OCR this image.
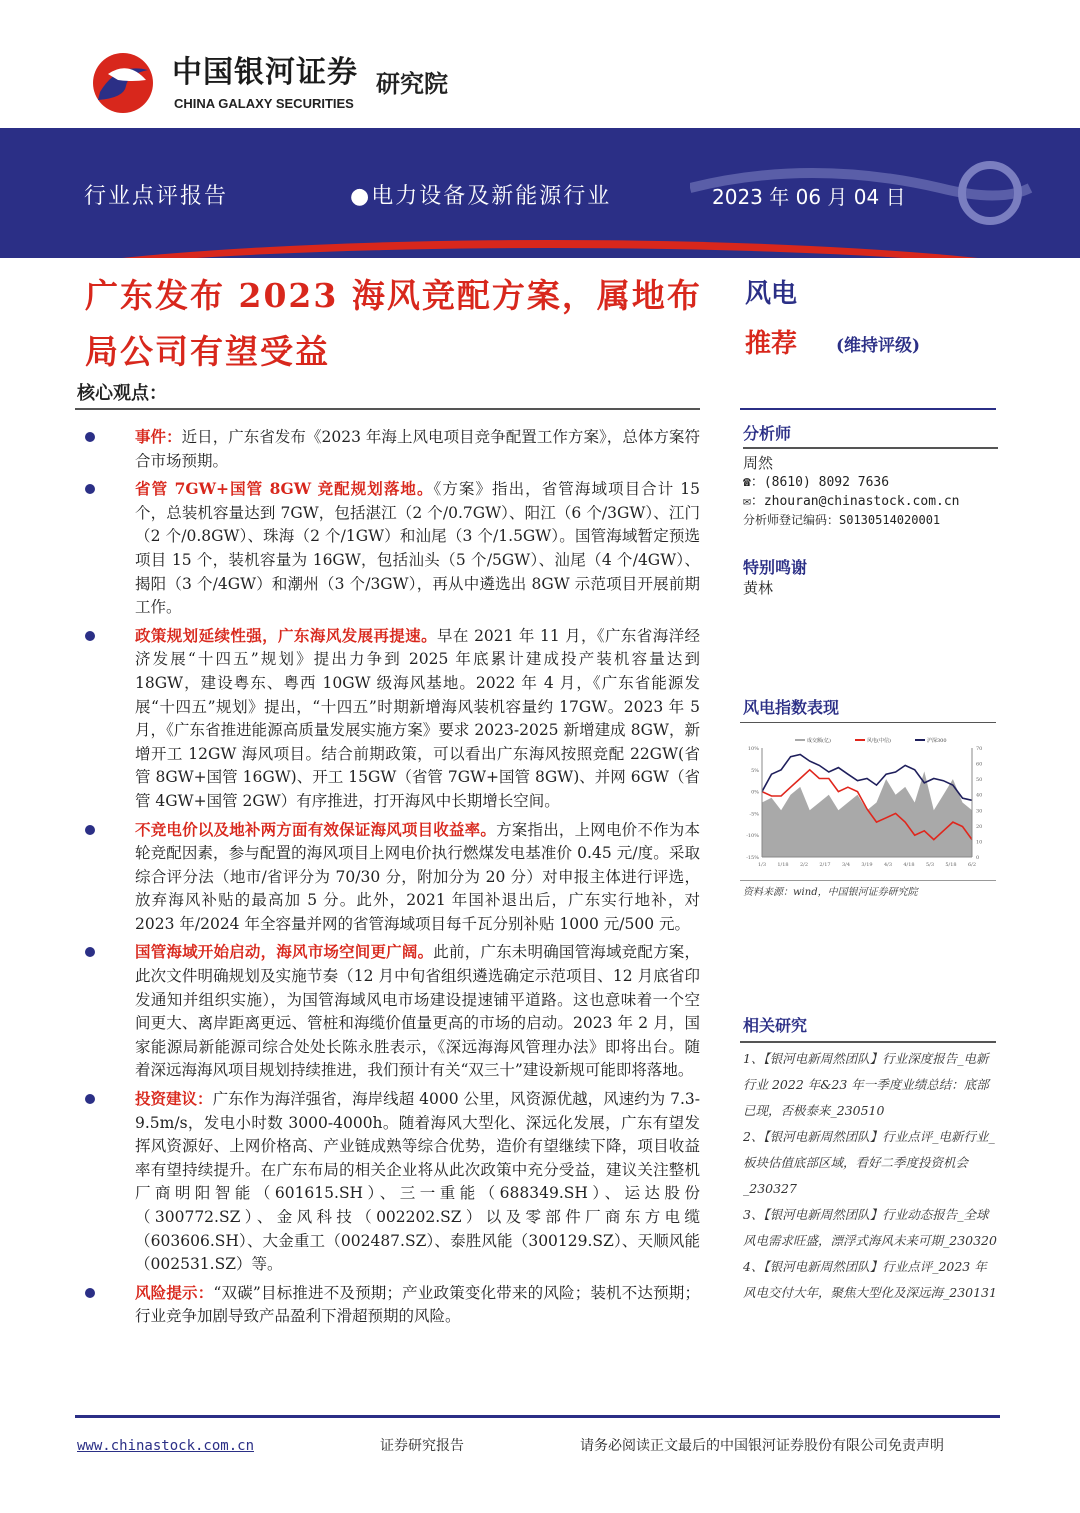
中国银河证券
CHINA GALAXY SECURITIES
研究院
行业点评报告	●电力设备及新能源行业	2023 年 06 月 04 日
广东发布 2023 海风竞配方案，属地布局公司有望受益
风电
推荐 (维持评级)
核心观点：
事件：近日，广东省发布《2023 年海上风电项目竞争配置工作方案》，总体方案符合市场预期。
省管 7GW+国管 8GW 竞配规划落地。《方案》指出，省管海域项目合计 15 个，总装机容量达到 7GW，包括湛江（2 个/0.7GW）、阳江（6 个/3GW）、江门（2 个/0.8GW）、珠海（2 个/1GW）和汕尾（3 个/1.5GW）。国管海域暂定预选项目 15 个，装机容量为 16GW，包括汕头（5 个/5GW）、汕尾（4 个/4GW）、揭阳（3 个/4GW）和潮州（3 个/3GW），再从中遴选出 8GW 示范项目开展前期工作。
政策规划延续性强，广东海风发展再提速。早在 2021 年 11 月，《广东省海洋经济发展“十四五”规划》提出力争到 2025 年底累计建成投产装机容量达到 18GW，建设粤东、粤西 10GW 级海风基地。2022 年 4 月，《广东省能源发展“十四五”规划》提出，“十四五”时期新增海风装机容量约 17GW。2023 年 5 月，《广东省推进能源高质量发展实施方案》要求 2023-2025 新增建成 8GW，新增开工 12GW 海风项目。结合前期政策，可以看出广东海风按照竞配 22GW(省管 8GW+国管 16GW)、开工 15GW（省管 7GW+国管 8GW)、并网 6GW（省管 4GW+国管 2GW）有序推进，打开海风中长期增长空间。
不竞电价以及地补两方面有效保证海风项目收益率。方案指出，上网电价不作为本轮竞配因素，参与配置的海风项目上网电价执行燃煤发电基准价 0.45 元/度。采取综合评分法（地市/省评分为 70/30 分，附加分为 20 分）对申报主体进行评选，放弃海风补贴的最高加 5 分。此外，2021 年国补退出后，广东实行地补，对 2023 年/2024 年全容量并网的省管海域项目每千瓦分别补贴 1000 元/500 元。
国管海域开始启动，海风市场空间更广阔。此前，广东未明确国管海域竞配方案，此次文件明确规划及实施节奏（12 月中旬省组织遴选确定示范项目、12 月底省印发通知并组织实施），为国管海域风电市场建设提速铺平道路。这也意味着一个空间更大、离岸距离更远、管桩和海缆价值量更高的市场的启动。2023 年 2 月，国家能源局新能源司综合处处长陈永胜表示，《深远海海风管理办法》即将出台。随着深远海海风项目规划持续推进，我们预计有关“双三十”建设新规可能即将落地。
投资建议：广东作为海洋强省，海岸线超 4000 公里，风资源优越，风速约为 7.3-9.5m/s，发电小时数 3000-4000h。随着海风大型化、深远化发展，广东有望发挥风资源好、上网价格高、产业链成熟等综合优势，造价有望继续下降，项目收益率有望持续提升。在广东布局的相关企业将从此次政策中充分受益，建议关注整机厂商明阳智能（601615.SH）、三一重能（688349.SH）、运达股份（300772.SZ）、金风科技（002202.SZ）以及零部件厂商东方电缆（603606.SH）、大金重工（002487.SZ）、泰胜风能（300129.SZ）、天顺风能（002531.SZ）等。
风险提示：“双碳”目标推进不及预期；产业政策变化带来的风险；装机不达预期；行业竞争加剧导致产品盈利下滑超预期的风险。
分析师
周然
☎：(8610) 8092 7636
✉：zhouran@chinastock.com.cn
分析师登记编码：S0130514020001
特别鸣谢
黄林
风电指数表现
10%
5%
0%
-5%
-10%
-15%
70
60
50
40
30
20
10
0
1/3 1/18 2/2 2/17 3/4 3/19 4/3 4/18 5/3 5/18 6/2
成交额(亿)	风电(中信)	沪深300
资料来源：wind，中国银河证券研究院
相关研究
1、【银河电新周然团队】行业深度报告_电新行业 2022 年&23 年一季度业绩总结：底部已现，否极泰来_230510
2、【银河电新周然团队】行业点评_电新行业_板块估值底部区域，看好二季度投资机会_230327
3、【银河电新周然团队】行业动态报告_全球风电需求旺盛，漂浮式海风未来可期_230320
4、【银河电新周然团队】行业点评_2023 年风电交付大年，聚焦大型化及深远海_230131
www.chinastock.com.cn	证券研究报告	请务必阅读正文最后的中国银河证券股份有限公司免责声明
